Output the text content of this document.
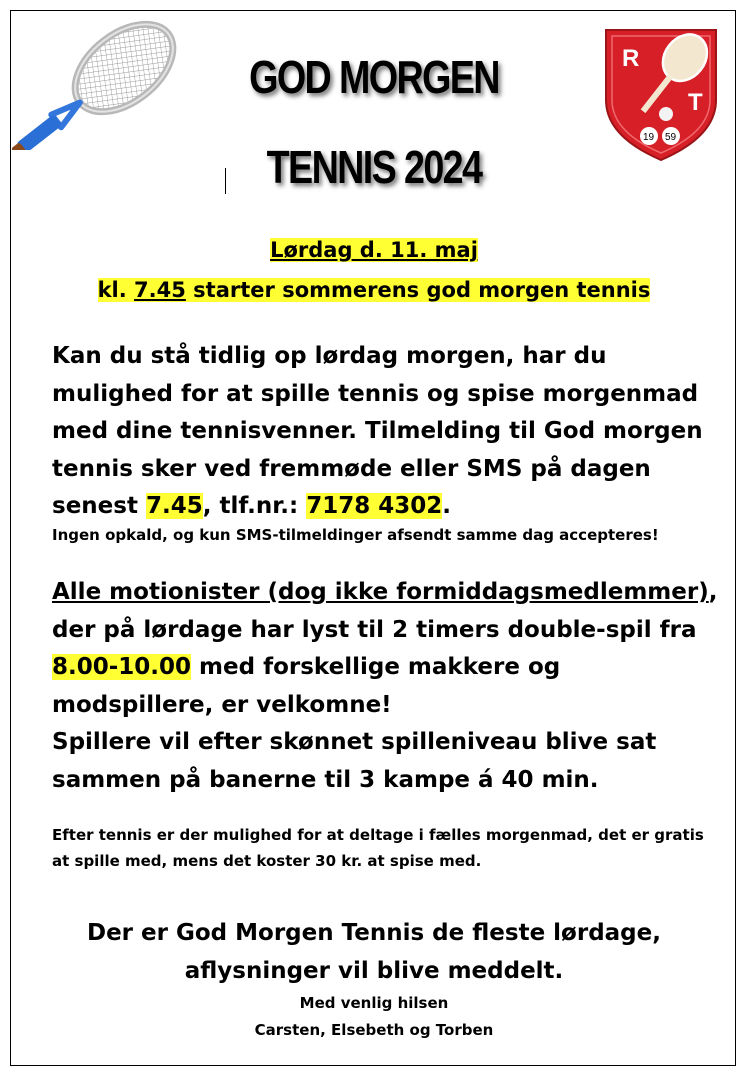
R
T
19 59
GOD MORGEN
TENNIS 2024
Lørdag d. 11. maj
kl. 7.45 starter sommerens god morgen tennis
Kan du stå tidlig op lørdag morgen, har du mulighed for at spille tennis og spise morgenmad med dine tennisvenner. Tilmelding til God morgen tennis sker ved fremmøde eller SMS på dagen senest 7.45, tlf.nr.: 7178 4302.
Ingen opkald, og kun SMS-tilmeldinger afsendt samme dag accepteres!
Alle motionister (dog ikke formiddagsmedlemmer), der på lørdage har lyst til 2 timers double-spil fra 8.00-10.00 med forskellige makkere og modspillere, er velkomne!
Spillere vil efter skønnet spilleniveau blive sat sammen på banerne til 3 kampe á 40 min.
Efter tennis er der mulighed for at deltage i fælles morgenmad, det er gratis at spille med, mens det koster 30 kr. at spise med.
Der er God Morgen Tennis de fleste lørdage,
aflysninger vil blive meddelt.
Med venlig hilsen
Carsten, Elsebeth og Torben
